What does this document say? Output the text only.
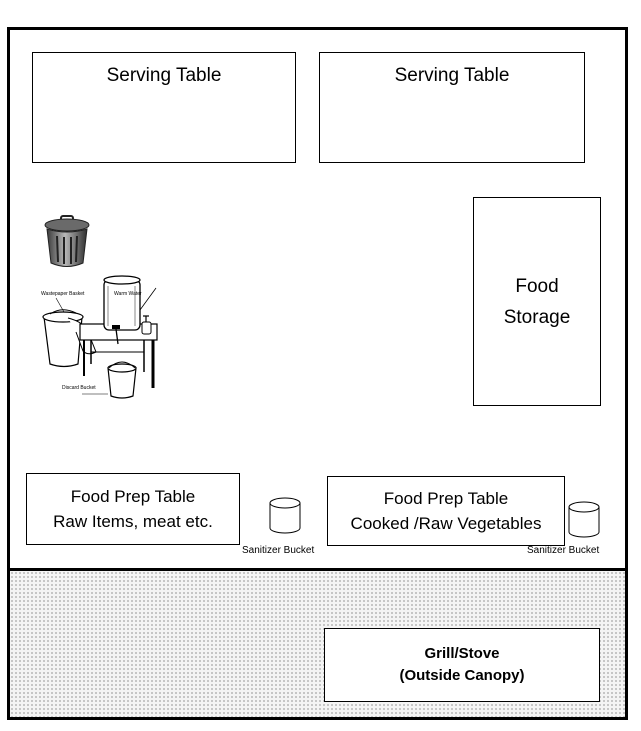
Serving Table	Serving Table
Food
Storage
Wastepaper Basket	Warm Water
Discard Bucket
Food Prep Table
Raw Items, meat etc.
Food Prep Table
Cooked /Raw Vegetables
Sanitizer Bucket	Sanitizer Bucket
Grill/Stove
(Outside Canopy)
